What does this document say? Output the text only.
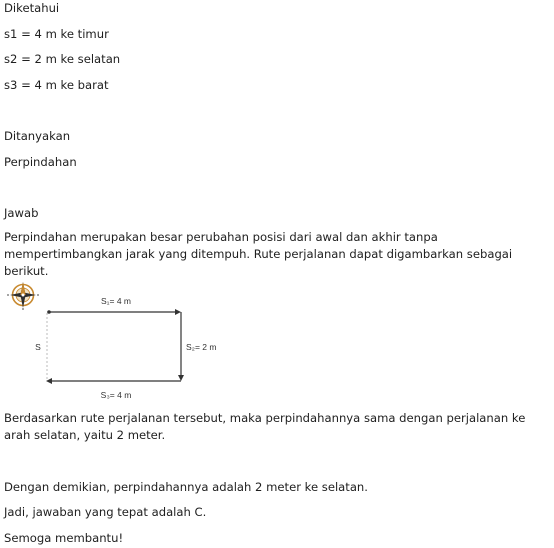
Diketahui
s1 = 4 m ke timur
s2 = 2 m ke selatan
s3 = 4 m ke barat
Ditanyakan
Perpindahan
Jawab
Perpindahan merupakan besar perubahan posisi dari awal dan akhir tanpa mempertimbangkan jarak yang ditempuh. Rute perjalanan dapat digambarkan sebagai berikut.
S₁= 4 m
S₂= 2 m
S₃= 4 m
S
Berdasarkan rute perjalanan tersebut, maka perpindahannya sama dengan perjalanan ke arah selatan, yaitu 2 meter.
Dengan demikian, perpindahannya adalah 2 meter ke selatan.
Jadi, jawaban yang tepat adalah C.
Semoga membantu!
